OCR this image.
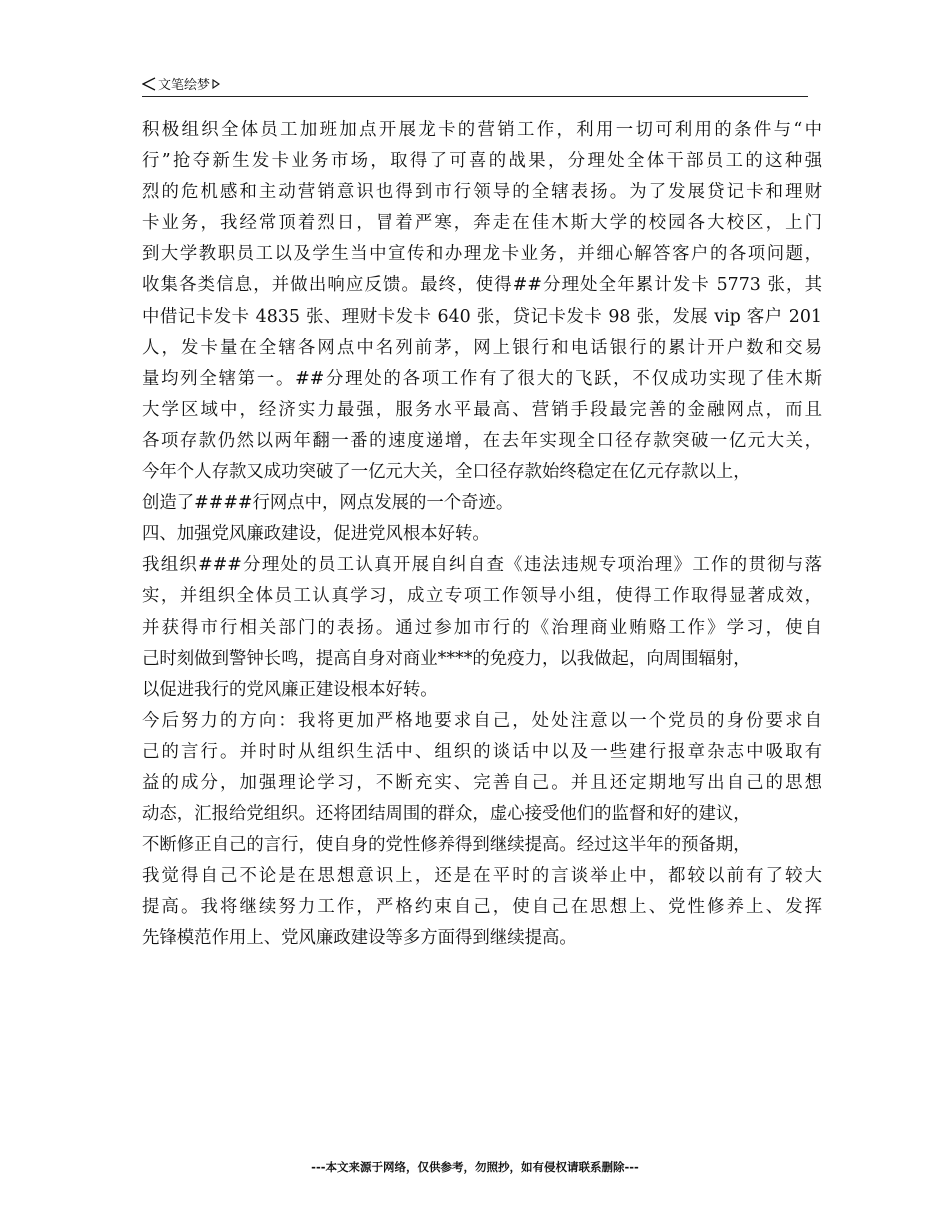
文笔绘梦
积极组织全体员工加班加点开展龙卡的营销工作，利用一切可利用的条件与“中
行”抢夺新生发卡业务市场，取得了可喜的战果，分理处全体干部员工的这种强
烈的危机感和主动营销意识也得到市行领导的全辖表扬。为了发展贷记卡和理财
卡业务，我经常顶着烈日，冒着严寒，奔走在佳木斯大学的校园各大校区，上门
到大学教职员工以及学生当中宣传和办理龙卡业务，并细心解答客户的各项问题，
收集各类信息，并做出响应反馈。最终，使得##分理处全年累计发卡 5773 张，其
中借记卡发卡 4835 张、理财卡发卡 640 张，贷记卡发卡 98 张，发展 vip 客户 201
人，发卡量在全辖各网点中名列前茅，网上银行和电话银行的累计开户数和交易
量均列全辖第一。##分理处的各项工作有了很大的飞跃，不仅成功实现了佳木斯
大学区域中，经济实力最强，服务水平最高、营销手段最完善的金融网点，而且
各项存款仍然以两年翻一番的速度递增，在去年实现全口径存款突破一亿元大关，
今年个人存款又成功突破了一亿元大关，全口径存款始终稳定在亿元存款以上，
创造了####行网点中，网点发展的一个奇迹。
四、加强党风廉政建设，促进党风根本好转。
我组织###分理处的员工认真开展自纠自查《违法违规专项治理》工作的贯彻与落
实，并组织全体员工认真学习，成立专项工作领导小组，使得工作取得显著成效，
并获得市行相关部门的表扬。通过参加市行的《治理商业贿赂工作》学习，使自
己时刻做到警钟长鸣，提高自身对商业****的免疫力，以我做起，向周围辐射，
以促进我行的党风廉正建设根本好转。
今后努力的方向：我将更加严格地要求自己，处处注意以一个党员的身份要求自
己的言行。并时时从组织生活中、组织的谈话中以及一些建行报章杂志中吸取有
益的成分，加强理论学习，不断充实、完善自己。并且还定期地写出自己的思想
动态，汇报给党组织。还将团结周围的群众，虚心接受他们的监督和好的建议，
不断修正自己的言行，使自身的党性修养得到继续提高。经过这半年的预备期，
我觉得自己不论是在思想意识上，还是在平时的言谈举止中，都较以前有了较大
提高。我将继续努力工作，严格约束自己，使自己在思想上、党性修养上、发挥
先锋模范作用上、党风廉政建设等多方面得到继续提高。
---本文来源于网络，仅供参考，勿照抄，如有侵权请联系删除---
